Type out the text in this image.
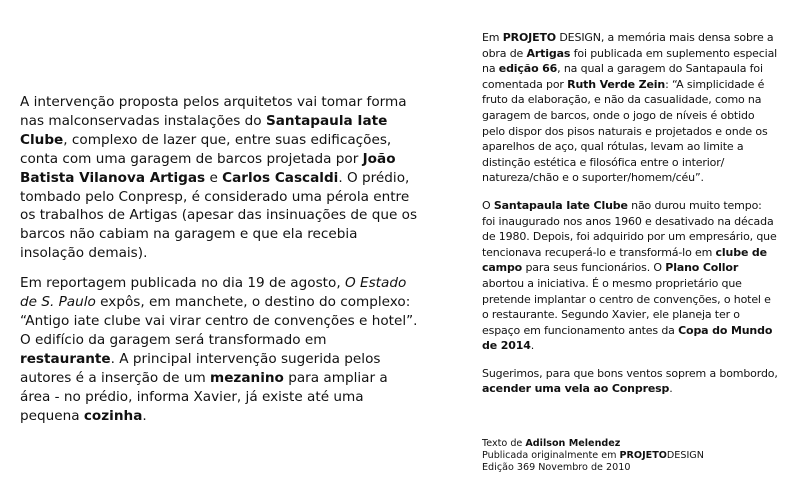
A intervenção proposta pelos arquitetos vai tomar forma nas malconservadas instalações do Santapaula Iate Clube, complexo de lazer que, entre suas edificações, conta com uma garagem de barcos projetada por João Batista Vilanova Artigas e Carlos Cascaldi. O prédio, tombado pelo Conpresp, é considerado uma pérola entre os trabalhos de Artigas (apesar das insinuações de que os barcos não cabiam na garagem e que ela recebia insolação demais).

Em reportagem publicada no dia 19 de agosto, O Estado de S. Paulo expôs, em manchete, o destino do complexo: “Antigo iate clube vai virar centro de convenções e hotel”. O edifício da garagem será transformado em restaurante. A principal intervenção sugerida pelos autores é a inserção de um mezanino para ampliar a área - no prédio, informa Xavier, já existe até uma pequena cozinha.

Em PROJETO DESIGN, a memória mais densa sobre a obra de Artigas foi publicada em suplemento especial na edição 66, na qual a garagem do Santapaula foi comentada por Ruth Verde Zein: “A simplicidade é fruto da elaboração, e não da casualidade, como na garagem de barcos, onde o jogo de níveis é obtido pelo dispor dos pisos naturais e projetados e onde os aparelhos de aço, qual rótulas, levam ao limite a distinção estética e filosófica entre o interior/ natureza/chão e o suporter/homem/céu”.

O Santapaula Iate Clube não durou muito tempo: foi inaugurado nos anos 1960 e desativado na década de 1980. Depois, foi adquirido por um empresário, que tencionava recuperá-lo e transformá-lo em clube de campo para seus funcionários. O Plano Collor abortou a iniciativa. É o mesmo proprietário que pretende implantar o centro de convenções, o hotel e o restaurante. Segundo Xavier, ele planeja ter o espaço em funcionamento antes da Copa do Mundo de 2014.

Sugerimos, para que bons ventos soprem a bombordo, acender uma vela ao Conpresp.

Texto de Adilson Melendez
Publicada originalmente em PROJETODESIGN
Edição 369 Novembro de 2010
